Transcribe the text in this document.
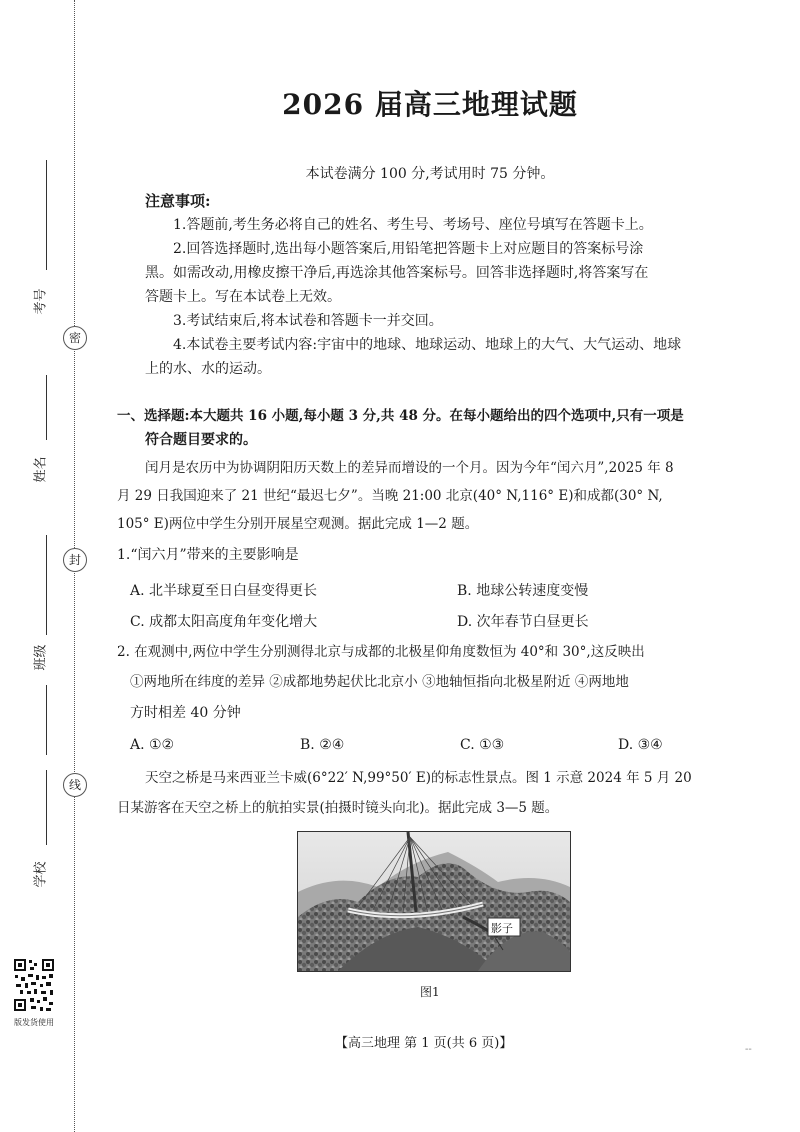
考号
姓名
班级
学校
密
封
线
版发货使用
2026 届高三地理试题
本试卷满分 100 分,考试用时 75 分钟。
注意事项:
1.答题前,考生务必将自己的姓名、考生号、考场号、座位号填写在答题卡上。
2.回答选择题时,选出每小题答案后,用铅笔把答题卡上对应题目的答案标号涂
黑。如需改动,用橡皮擦干净后,再选涂其他答案标号。回答非选择题时,将答案写在
答题卡上。写在本试卷上无效。
3.考试结束后,将本试卷和答题卡一并交回。
4.本试卷主要考试内容:宇宙中的地球、地球运动、地球上的大气、大气运动、地球
上的水、水的运动。
一、选择题:本大题共 16 小题,每小题 3 分,共 48 分。在每小题给出的四个选项中,只有一项是
符合题目要求的。
闰月是农历中为协调阴阳历天数上的差异而增设的一个月。因为今年“闰六月”,2025 年 8
月 29 日我国迎来了 21 世纪“最迟七夕”。当晚 21:00 北京(40° N,116° E)和成都(30° N,
105° E)两位中学生分别开展星空观测。据此完成 1—2 题。
1.“闰六月”带来的主要影响是
A. 北半球夏至日白昼变得更长	B. 地球公转速度变慢
C. 成都太阳高度角年变化增大	D. 次年春节白昼更长
2. 在观测中,两位中学生分别测得北京与成都的北极星仰角度数恒为 40°和 30°,这反映出
①两地所在纬度的差异 ②成都地势起伏比北京小 ③地轴恒指向北极星附近 ④两地地
方时相差 40 分钟
A. ①②	B. ②④	C. ①③	D. ③④
天空之桥是马来西亚兰卡威(6°22′ N,99°50′ E)的标志性景点。图 1 示意 2024 年 5 月 20
日某游客在天空之桥上的航拍实景(拍摄时镜头向北)。据此完成 3—5 题。
影子
图1
【高三地理 第 1 页(共 6 页)】	--
